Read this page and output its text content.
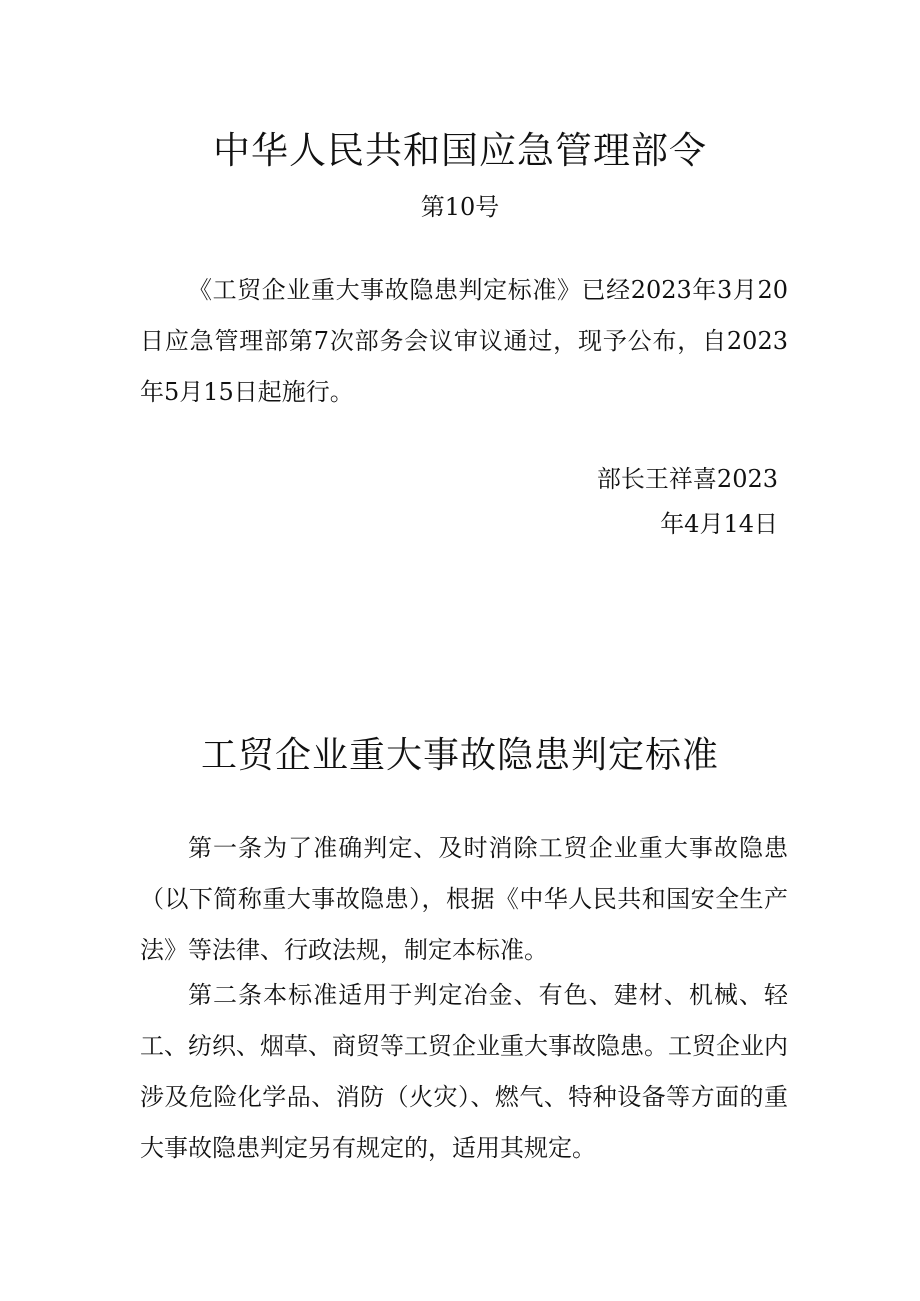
中华人民共和国应急管理部令

第10号

《工贸企业重大事故隐患判定标准》已经2023年3月20日应急管理部第7次部务会议审议通过，现予公布，自2023年5月15日起施行。

部长王祥喜2023

年4月14日

工贸企业重大事故隐患判定标准

第一条为了准确判定、及时消除工贸企业重大事故隐患（以下简称重大事故隐患），根据《中华人民共和国安全生产法》等法律、行政法规，制定本标准。

第二条本标准适用于判定冶金、有色、建材、机械、轻工、纺织、烟草、商贸等工贸企业重大事故隐患。工贸企业内涉及危险化学品、消防（火灾）、燃气、特种设备等方面的重大事故隐患判定另有规定的，适用其规定。
